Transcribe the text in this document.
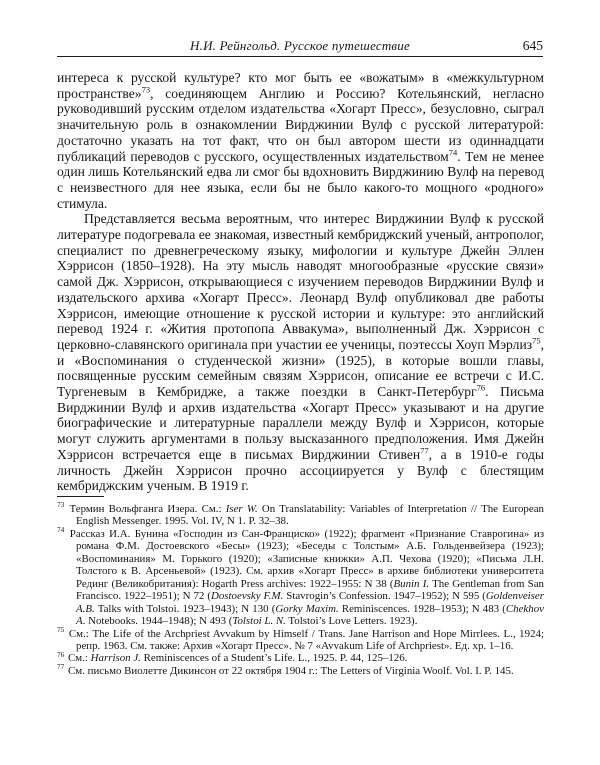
Н.И. Рейнгольд. Русское путешествие	645

интереса к русской культуре? кто мог быть ее «вожатым» в «межкультурном пространстве»$^{73}$, соединяющем Англию и Россию? Котельянский, негласно руководивший русским отделом издательства «Хогарт Пресс», безусловно, сыграл значительную роль в ознакомлении Вирджинии Вулф с русской литературой: достаточно указать на тот факт, что он был автором шести из одиннадцати публикаций переводов с русского, осуществленных издательством$^{74}$. Тем не менее один лишь Котельянский едва ли смог бы вдохновить Вирджинию Вулф на перевод с неизвестного для нее языка, если бы не было какого-то мощного «родного» стимула.

Представляется весьма вероятным, что интерес Вирджинии Вулф к русской литературе подогревала ее знакомая, известный кембриджский ученый, антрополог, специалист по древнегреческому языку, мифологии и культуре Джейн Эллен Хэррисон (1850–1928). На эту мысль наводят многообразные «русские связи» самой Дж. Хэррисон, открывающиеся с изучением переводов Вирджинии Вулф и издательского архива «Хогарт Пресс». Леонард Вулф опубликовал две работы Хэррисон, имеющие отношение к русской истории и культуре: это английский перевод 1924 г. «Жития протопопа Аввакума», выполненный Дж. Хэррисон с церковно-славянского оригинала при участии ее ученицы, поэтессы Хоуп Мэрлиз$^{75}$, и «Воспоминания о студенческой жизни» (1925), в которые вошли главы, посвященные русским семейным связям Хэррисон, описание ее встречи с И.С. Тургеневым в Кембридже, а также поездки в Санкт-Петербург$^{76}$. Письма Вирджинии Вулф и архив издательства «Хогарт Пресс» указывают и на другие биографические и литературные параллели между Вулф и Хэррисон, которые могут служить аргументами в пользу высказанного предположения. Имя Джейн Хэррисон встречается еще в письмах Вирджинии Стивен$^{77}$, а в 1910-е годы личность Джейн Хэррисон прочно ассоциируется у Вулф с блестящим кембриджским ученым. В 1919 г.

$^{73}$ Термин Вольфганга Изера. См.: Iser W. On Translatability: Variables of Interpretation // The European English Messenger. 1995. Vol. IV, N 1. P. 32–38.

$^{74}$ Рассказ И.А. Бунина «Господин из Сан-Франциско» (1922); фрагмент «Признание Ставрогина» из романа Ф.М. Достоевского «Бесы» (1923); «Беседы с Толстым» А.Б. Гольденвейзера (1923); «Воспоминания» М. Горького (1920); «Записные книжки» А.П. Чехова (1920); «Письма Л.Н. Толстого к В. Арсеньевой» (1923). См. архив «Хогарт Пресс» в архиве библиотеки университета Рединг (Великобритания): Hogarth Press archives: 1922–1955: N 38 (Bunin I. The Gentleman from San Francisco. 1922–1951); N 72 (Dostoevsky F.M. Stavrogin’s Confession. 1947–1952); N 595 (Goldenveiser A.B. Talks with Tolstoi. 1923–1943); N 130 (Gorky Maxim. Reminiscences. 1928–1953); N 483 (Chekhov A. Notebooks. 1944–1948); N 493 (Tolstoi L. N. Tolstoi’s Love Letters. 1923).

$^{75}$ См.: The Life of the Archpriest Avvakum by Himself / Trans. Jane Harrison and Hope Mirrlees. L., 1924; репр. 1963. См. также: Архив «Хогарт Пресс». № 7 «Avvakum Life of Archpriest». Ед. хр. 1–16.

$^{76}$ См.: Harrison J. Reminiscences of a Student’s Life. L., 1925. P. 44, 125–126.

$^{77}$ См. письмо Виолетте Дикинсон от 22 октября 1904 г.: The Letters of Virginia Woolf. Vol. I. P. 145.
